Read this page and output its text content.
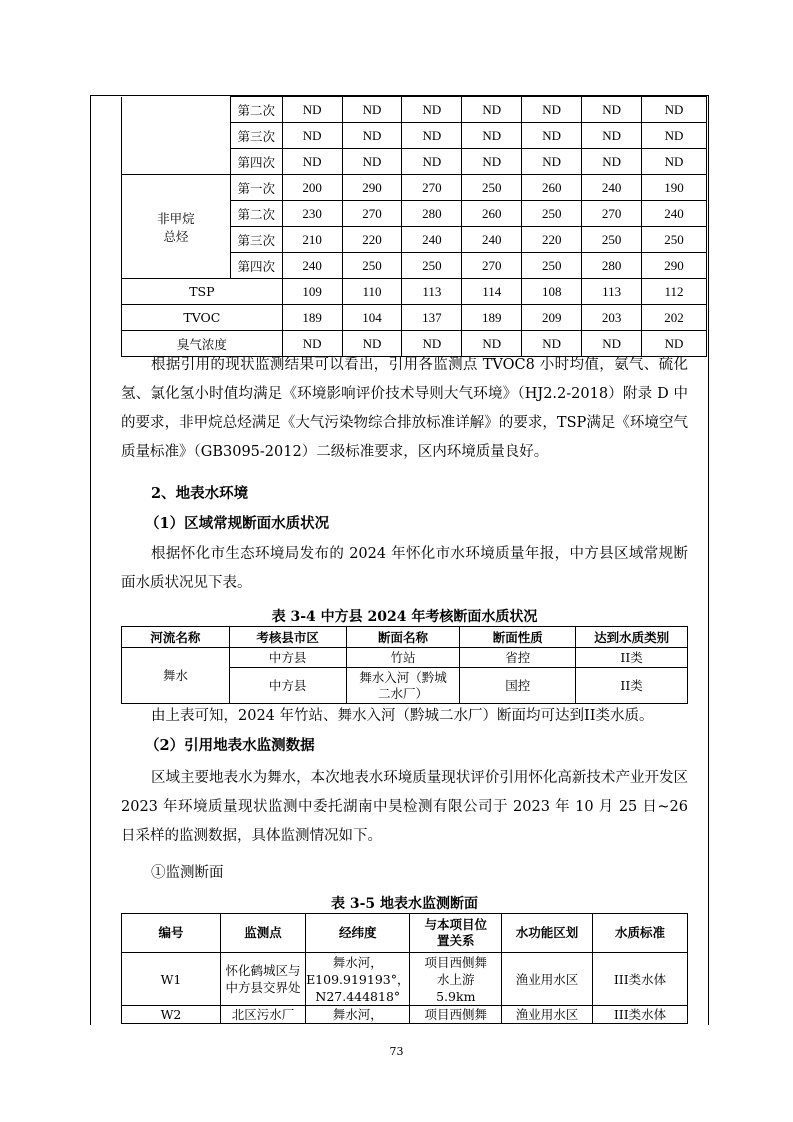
	第二次	ND	ND	ND	ND	ND	ND	ND
	第三次	ND	ND	ND	ND	ND	ND	ND
	第四次	ND	ND	ND	ND	ND	ND	ND

非甲烷
总烃	第一次	200	290	270	250	260	240	190
	第二次	230	270	280	260	250	270	240
	第三次	210	220	240	240	220	250	250
	第四次	240	250	250	270	250	280	290
TSP		109	110	113	114	108	113	112
TVOC		189	104	137	189	209	203	202
臭气浓度		ND	ND	ND	ND	ND	ND	ND
根据引用的现状监测结果可以看出，引用各监测点 TVOC8 小时均值，氨气、硫化氢、氯化氢小时值均满足《环境影响评价技术导则大气环境》（HJ2.2-2018）附录 D 中的要求，非甲烷总烃满足《大气污染物综合排放标准详解》的要求，TSP满足《环境空气质量标准》（GB3095-2012）二级标准要求，区内环境质量良好。
2、地表水环境
（1）区域常规断面水质状况
根据怀化市生态环境局发布的 2024 年怀化市水环境质量年报，中方县区域常规断面水质状况见下表。
表 3-4 中方县 2024 年考核断面水质状况
河流名称	考核县市区	断面名称	断面性质	达到水质类别
舞水	中方县	竹站	省控	II类
	中方县	舞水入河（黔城二水厂）	国控	II类
由上表可知，2024 年竹站、舞水入河（黔城二水厂）断面均可达到II类水质。
（2）引用地表水监测数据
区域主要地表水为舞水，本次地表水环境质量现状评价引用怀化高新技术产业开发区 2023 年环境质量现状监测中委托湖南中昊检测有限公司于 2023 年 10 月 25 日~26 日采样的监测数据，具体监测情况如下。
①监测断面
表 3-5 地表水监测断面
编号	监测点	经纬度	与本项目位置关系	水功能区划	水质标准
W1	怀化鹤城区与中方县交界处	舞水河，E109.919193°，N27.444818°	项目西侧舞水上游5.9km	渔业用水区	III类水体
W2	北区污水厂	舞水河，	项目西侧舞	渔业用水区	III类水体
73
